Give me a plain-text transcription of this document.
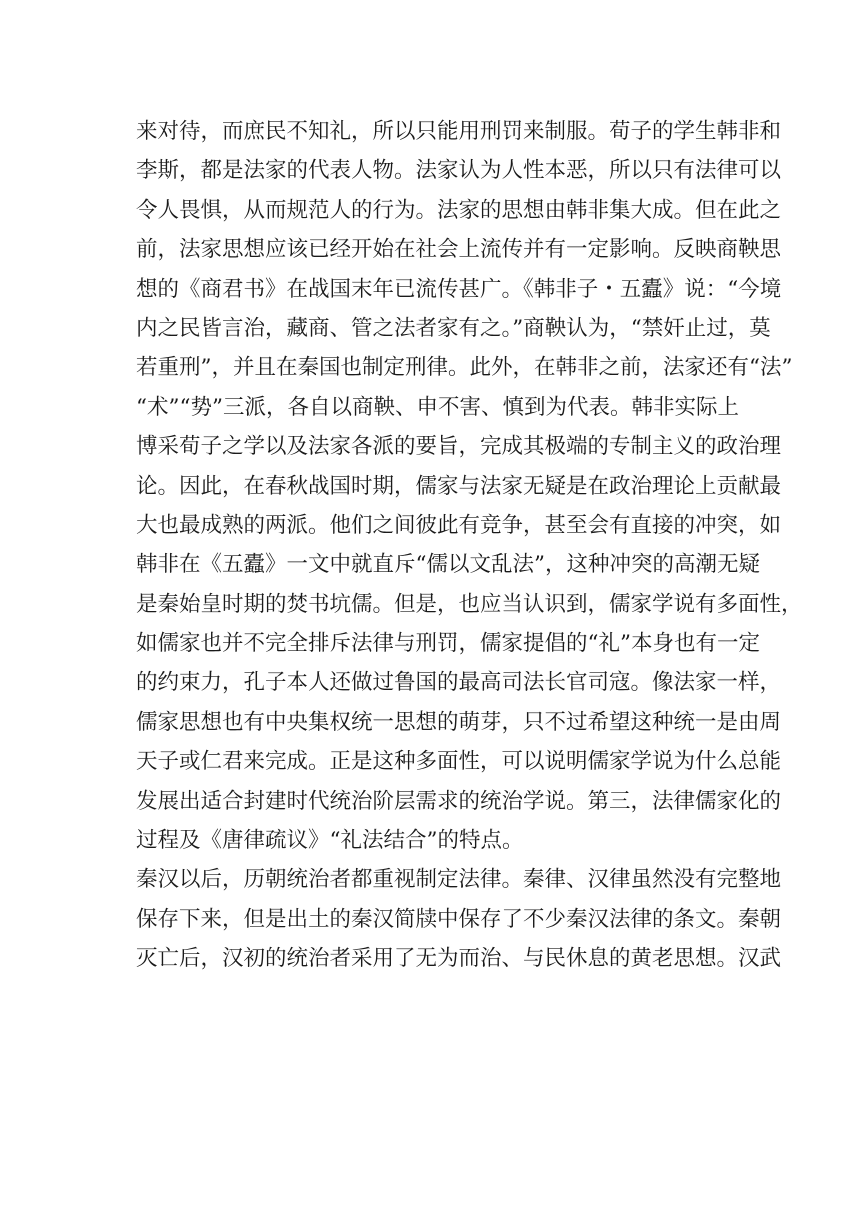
来对待，而庶民不知礼，所以只能用刑罚来制服。荀子的学生韩非和
李斯，都是法家的代表人物。法家认为人性本恶，所以只有法律可以
令人畏惧，从而规范人的行为。法家的思想由韩非集大成。但在此之
前，法家思想应该已经开始在社会上流传并有一定影响。反映商鞅思
想的《商君书》在战国末年已流传甚广。《韩非子・五蠹》说：“今境
内之民皆言治，藏商、管之法者家有之。”商鞅认为，“禁奸止过，莫
若重刑”，并且在秦国也制定刑律。此外，在韩非之前，法家还有“法”
“术”“势”三派，各自以商鞅、申不害、慎到为代表。韩非实际上
博采荀子之学以及法家各派的要旨，完成其极端的专制主义的政治理
论。因此，在春秋战国时期，儒家与法家无疑是在政治理论上贡献最
大也最成熟的两派。他们之间彼此有竞争，甚至会有直接的冲突，如
韩非在《五蠹》一文中就直斥“儒以文乱法”，这种冲突的高潮无疑
是秦始皇时期的焚书坑儒。但是，也应当认识到，儒家学说有多面性，
如儒家也并不完全排斥法律与刑罚，儒家提倡的“礼”本身也有一定
的约束力，孔子本人还做过鲁国的最高司法长官司寇。像法家一样，
儒家思想也有中央集权统一思想的萌芽，只不过希望这种统一是由周
天子或仁君来完成。正是这种多面性，可以说明儒家学说为什么总能
发展出适合封建时代统治阶层需求的统治学说。第三，法律儒家化的
过程及《唐律疏议》“礼法结合”的特点。
秦汉以后，历朝统治者都重视制定法律。秦律、汉律虽然没有完整地
保存下来，但是出土的秦汉简牍中保存了不少秦汉法律的条文。秦朝
灭亡后，汉初的统治者采用了无为而治、与民休息的黄老思想。汉武
